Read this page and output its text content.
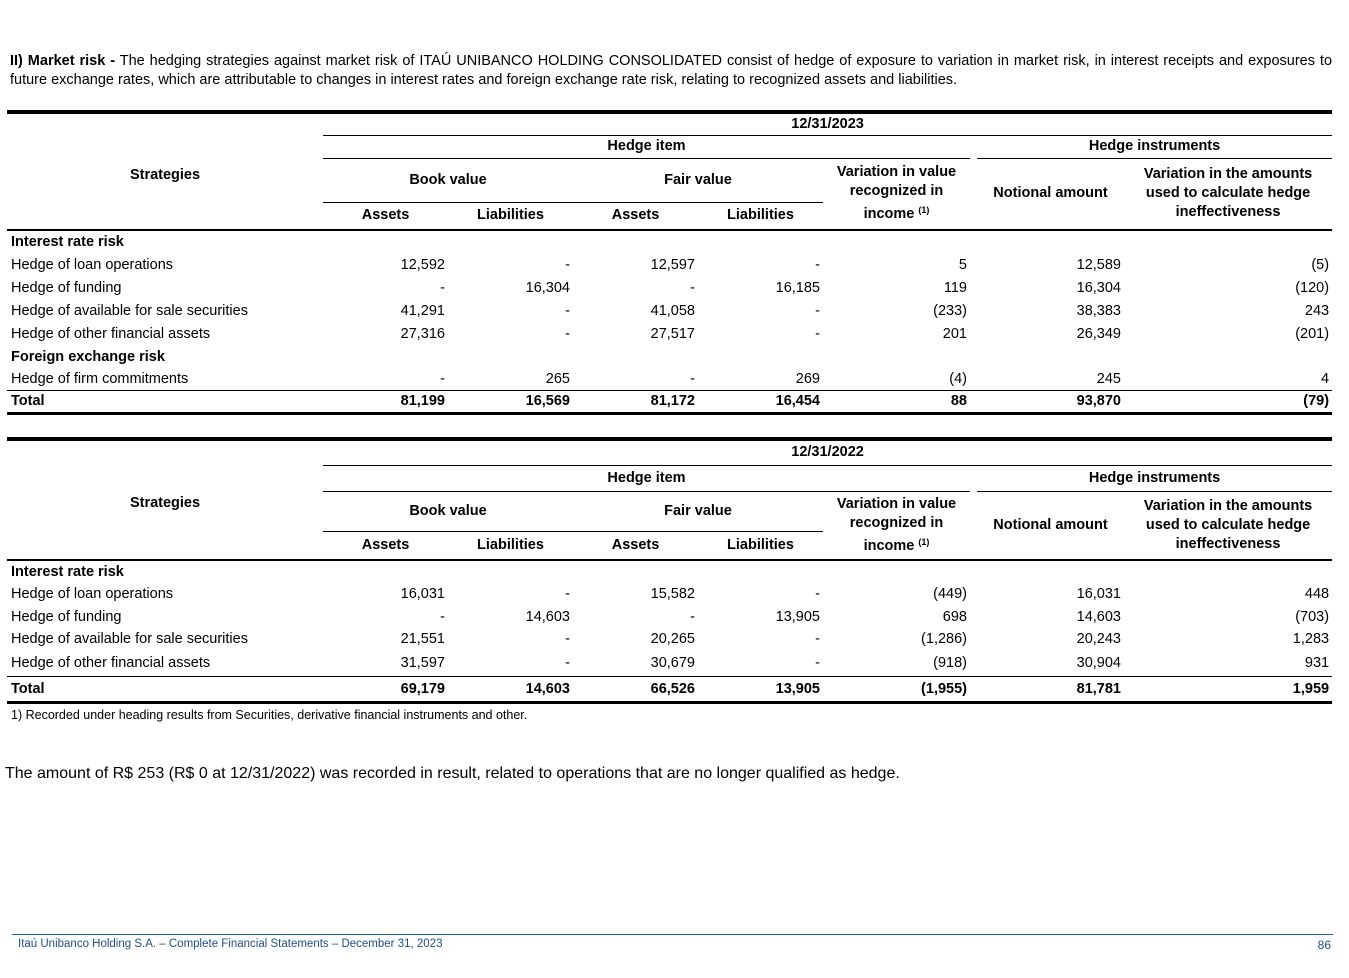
II) Market risk - The hedging strategies against market risk of ITAÚ UNIBANCO HOLDING CONSOLIDATED consist of hedge of exposure to variation in market risk, in interest receipts and exposures to future exchange rates, which are attributable to changes in interest rates and foreign exchange rate risk, relating to recognized assets and liabilities.
Strategies	12/31/2023							
	Hedge item						Hedge instruments	
	Book value		Fair value		Variation in value recognized in income $^{(1)}$		Notional amount	Variation in the amounts used to calculate hedge ineffectiveness
	Assets	Liabilities	Assets	Liabilities				
Interest rate risk								
Hedge of loan operations	12,592	-	12,597	-	5		12,589	(5)
Hedge of funding	-	16,304	-	16,185	119		16,304	(120)
Hedge of available for sale securities	41,291	-	41,058	-	(233)		38,383	243
Hedge of other financial assets	27,316	-	27,517	-	201		26,349	(201)
Foreign exchange risk								
Hedge of firm commitments	-	265	-	269	(4)		245	4
Total	81,199	16,569	81,172	16,454	88		93,870	(79)
Strategies	12/31/2022							
	Hedge item						Hedge instruments	
	Book value		Fair value		Variation in value recognized in income $^{(1)}$		Notional amount	Variation in the amounts used to calculate hedge ineffectiveness
	Assets	Liabilities	Assets	Liabilities				
Interest rate risk								
Hedge of loan operations	16,031	-	15,582	-	(449)		16,031	448
Hedge of funding	-	14,603	-	13,905	698		14,603	(703)
Hedge of available for sale securities	21,551	-	20,265	-	(1,286)		20,243	1,283
Hedge of other financial assets	31,597	-	30,679	-	(918)		30,904	931
Total	69,179	14,603	66,526	13,905	(1,955)		81,781	1,959
1) Recorded under heading results from Securities, derivative financial instruments and other.
The amount of R$ 253 (R$ 0 at 12/31/2022) was recorded in result, related to operations that are no longer qualified as hedge.
Itaú Unibanco Holding S.A. – Complete Financial Statements – December 31, 2023	86
